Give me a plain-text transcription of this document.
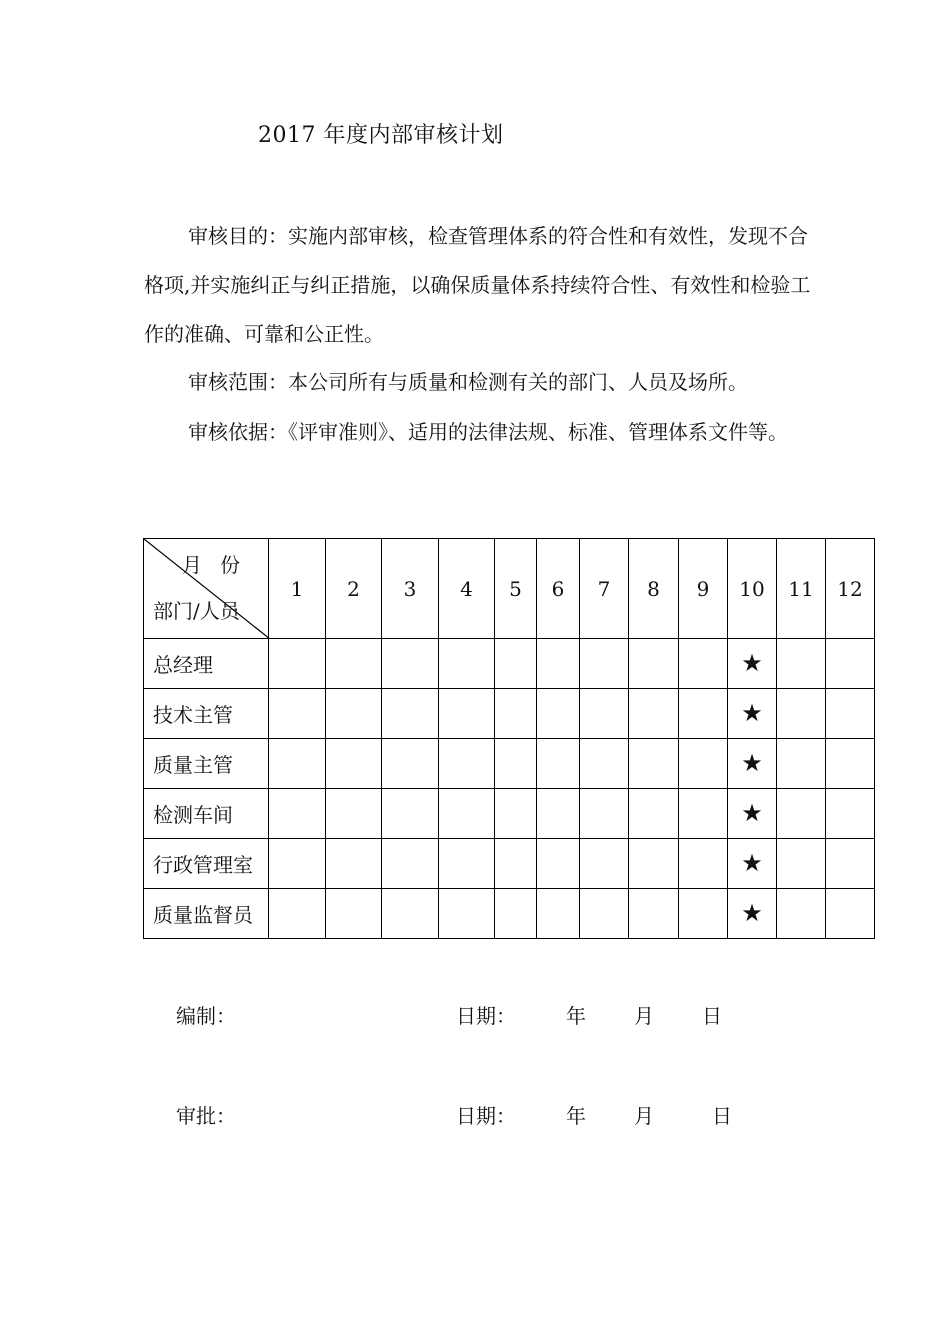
2017 年度内部审核计划

审核目的：实施内部审核，检查管理体系的符合性和有效性，发现不合格项,并实施纠正与纠正措施，以确保质量体系持续符合性、有效性和检验工作的准确、可靠和公正性。

审核范围：本公司所有与质量和检测有关的部门、人员及场所。

审核依据：《评审准则》、适用的法律法规、标准、管理体系文件等。

月份
部门/人员	1	2	3	4	5	6	7	8	9	10	11	12
总经理										★		
技术主管										★		
质量主管										★		
检测车间										★		
行政管理室										★		
质量监督员										★		
编制：	日期：	年 月 日
审批：	日期：	年 月	日
